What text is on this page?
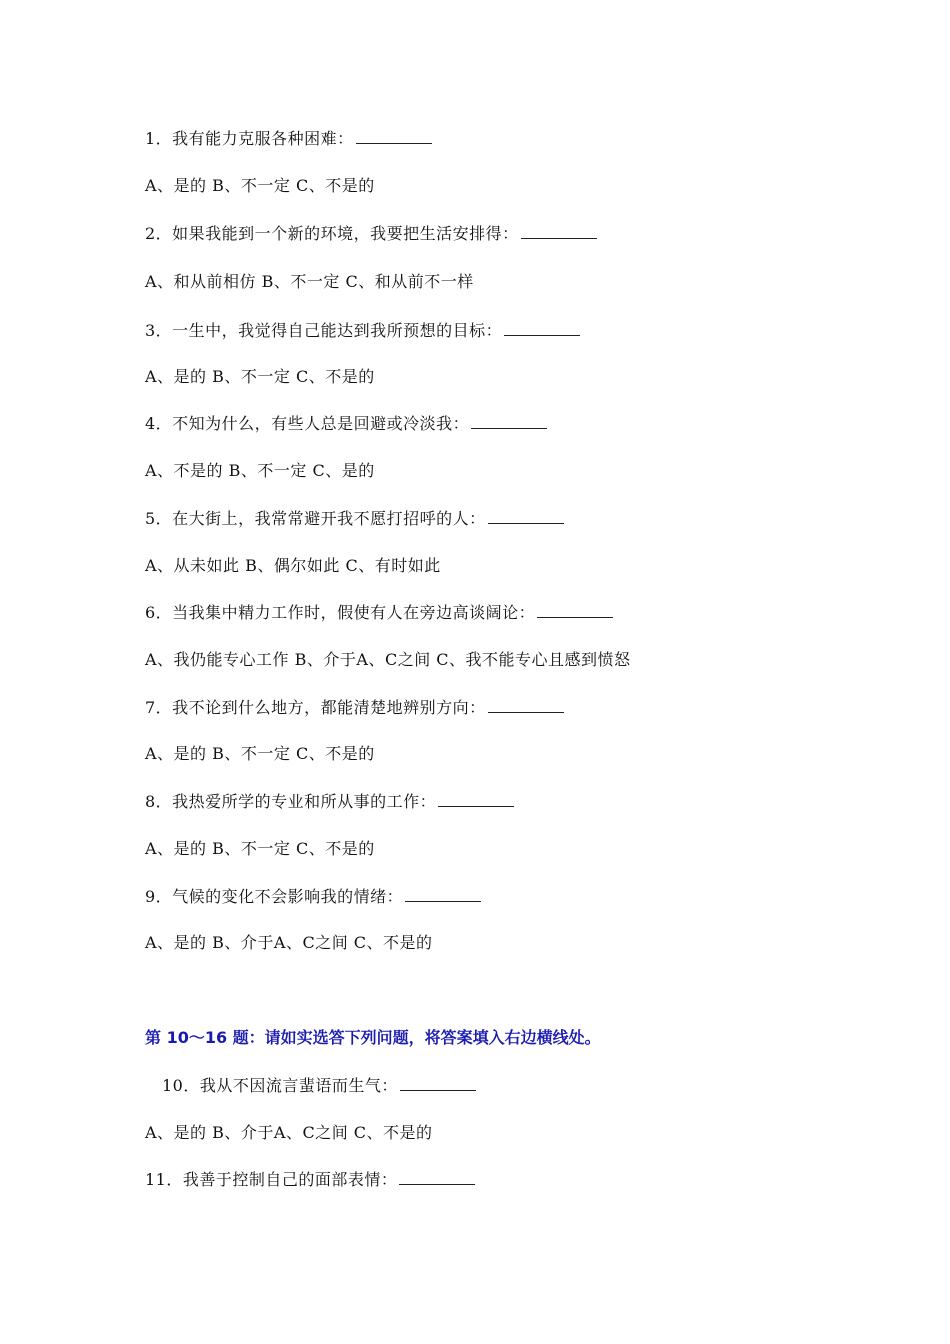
1．我有能力克服各种困难：
A、是的 B、不一定 C、不是的
2．如果我能到一个新的环境，我要把生活安排得：
A、和从前相仿 B、不一定 C、和从前不一样
3．一生中，我觉得自己能达到我所预想的目标：
A、是的 B、不一定 C、不是的
4．不知为什么，有些人总是回避或冷淡我：
A、不是的 B、不一定 C、是的
5．在大街上，我常常避开我不愿打招呼的人：
A、从未如此 B、偶尔如此 C、有时如此
6．当我集中精力工作时，假使有人在旁边高谈阔论：
A、我仍能专心工作 B、介于A、C之间 C、我不能专心且感到愤怒
7．我不论到什么地方，都能清楚地辨别方向：
A、是的 B、不一定 C、不是的
8．我热爱所学的专业和所从事的工作：
A、是的 B、不一定 C、不是的
9．气候的变化不会影响我的情绪：
A、是的 B、介于A、C之间 C、不是的
第 10～16 题：请如实选答下列问题，将答案填入右边横线处。
10．我从不因流言蜚语而生气：
A、是的 B、介于A、C之间 C、不是的
11．我善于控制自己的面部表情：
